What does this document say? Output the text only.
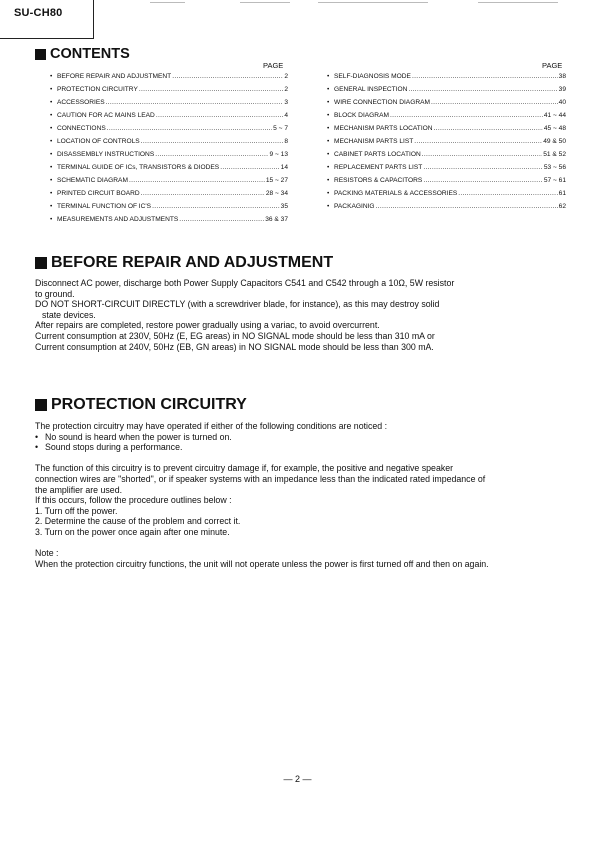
SU-CH80
CONTENTS
PAGE	PAGE
• BEFORE REPAIR AND ADJUSTMENT .....	2
• PROTECTION CIRCUITRY .....	2
• ACCESSORIES .....	3
• CAUTION FOR AC MAINS LEAD .....	4
• CONNECTIONS .....	5 ~ 7
• LOCATION OF CONTROLS .....	8
• DISASSEMBLY INSTRUCTIONS .....	9 ~ 13
• TERMINAL GUIDE OF ICs, TRANSISTORS & DIODES .....	14
• SCHEMATIC DIAGRAM .....	15 ~ 27
• PRINTED CIRCUIT BOARD .....	28 ~ 34
• TERMINAL FUNCTION OF IC'S .....	35
• MEASUREMENTS AND ADJUSTMENTS .....	36 & 37
• SELF-DIAGNOSIS MODE .....	38
• GENERAL INSPECTION .....	39
• WIRE CONNECTION DIAGRAM .....	40
• BLOCK DIAGRAM .....	41 ~ 44
• MECHANISM PARTS LOCATION .....	45 ~ 48
• MECHANISM PARTS LIST .....	49 & 50
• CABINET PARTS LOCATION .....	51 & 52
• REPLACEMENT PARTS LIST .....	53 ~ 56
• RESISTORS & CAPACITORS .....	57 ~ 61
• PACKING MATERIALS & ACCESSORIES .....	61
• PACKAGINIG .....	62
BEFORE REPAIR AND ADJUSTMENT

Disconnect AC power, discharge both Power Supply Capacitors C541 and C542 through a 10Ω, 5W resistor

to ground.

DO NOT SHORT-CIRCUIT DIRECTLY (with a screwdriver blade, for instance), as this may destroy solid

state devices.

After repairs are completed, restore power gradually using a variac, to avoid overcurrent.

Current consumption at 230V, 50Hz (E, EG areas) in NO SIGNAL mode should be less than 310 mA or

Current consumption at 240V, 50Hz (EB, GN areas) in NO SIGNAL mode should be less than 300 mA.

PROTECTION CIRCUITRY

The protection circuitry may have operated if either of the following conditions are noticed :

• No sound is heard when the power is turned on.
• Sound stops during a performance.

The function of this circuitry is to prevent circuitry damage if, for example, the positive and negative speaker

connection wires are "shorted", or if speaker systems with an impedance less than the indicated rated impedance of

the amplifier are used.

If this occurs, follow the procedure outlines below :

1. Turn off the power.

2. Determine the cause of the problem and correct it.

3. Turn on the power once again after one minute.

Note :

When the protection circuitry functions, the unit will not operate unless the power is first turned off and then on again.

— 2 —
